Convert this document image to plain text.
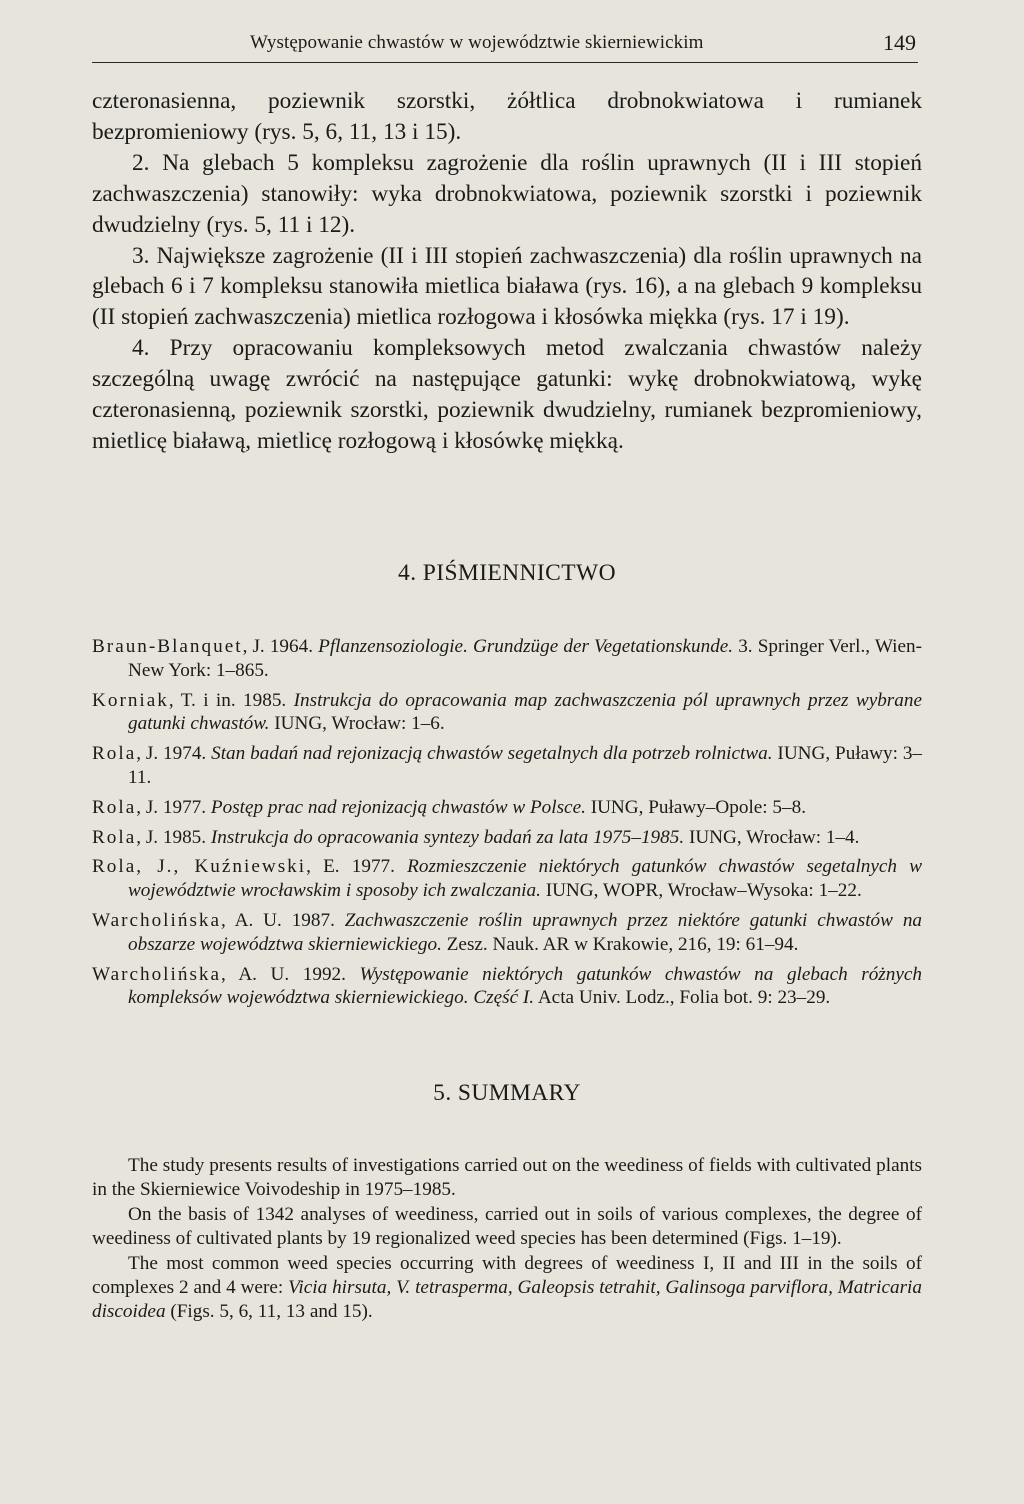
Występowanie chwastów w województwie skierniewickim	149

czteronasienna, poziewnik szorstki, żółtlica drobnokwiatowa i rumianek bezpromieniowy (rys. 5, 6, 11, 13 i 15).

2. Na glebach 5 kompleksu zagrożenie dla roślin uprawnych (II i III stopień zachwaszczenia) stanowiły: wyka drobnokwiatowa, poziewnik szorstki i poziewnik dwudzielny (rys. 5, 11 i 12).

3. Największe zagrożenie (II i III stopień zachwaszczenia) dla roślin uprawnych na glebach 6 i 7 kompleksu stanowiła mietlica biaława (rys. 16), a na glebach 9 kompleksu (II stopień zachwaszczenia) mietlica rozłogowa i kłosówka miękka (rys. 17 i 19).

4. Przy opracowaniu kompleksowych metod zwalczania chwastów należy szczególną uwagę zwrócić na następujące gatunki: wykę drobnokwiatową, wykę czteronasienną, poziewnik szorstki, poziewnik dwudzielny, rumianek bezpromieniowy, mietlicę białawą, mietlicę rozłogową i kłosówkę miękką.

4. PIŚMIENNICTWO

Braun-Blanquet, J. 1964. Pflanzensoziologie. Grundzüge der Vegetationskunde. 3. Springer Verl., Wien-New York: 1–865.

Korniak, T. i in. 1985. Instrukcja do opracowania map zachwaszczenia pól uprawnych przez wybrane gatunki chwastów. IUNG, Wrocław: 1–6.

Rola, J. 1974. Stan badań nad rejonizacją chwastów segetalnych dla potrzeb rolnictwa. IUNG, Puławy: 3–11.

Rola, J. 1977. Postęp prac nad rejonizacją chwastów w Polsce. IUNG, Puławy–Opole: 5–8.

Rola, J. 1985. Instrukcja do opracowania syntezy badań za lata 1975–1985. IUNG, Wrocław: 1–4.

Rola, J., Kuźniewski, E. 1977. Rozmieszczenie niektórych gatunków chwastów segetalnych w województwie wrocławskim i sposoby ich zwalczania. IUNG, WOPR, Wrocław–Wysoka: 1–22.

Warcholińska, A. U. 1987. Zachwaszczenie roślin uprawnych przez niektóre gatunki chwastów na obszarze województwa skierniewickiego. Zesz. Nauk. AR w Krakowie, 216, 19: 61–94.

Warcholińska, A. U. 1992. Występowanie niektórych gatunków chwastów na glebach różnych kompleksów województwa skierniewickiego. Część I. Acta Univ. Lodz., Folia bot. 9: 23–29.

5. SUMMARY

The study presents results of investigations carried out on the weediness of fields with cultivated plants in the Skierniewice Voivodeship in 1975–1985.

On the basis of 1342 analyses of weediness, carried out in soils of various complexes, the degree of weediness of cultivated plants by 19 regionalized weed species has been determined (Figs. 1–19).

The most common weed species occurring with degrees of weediness I, II and III in the soils of complexes 2 and 4 were: Vicia hirsuta, V. tetrasperma, Galeopsis tetrahit, Galinsoga parviflora, Matricaria discoidea (Figs. 5, 6, 11, 13 and 15).
